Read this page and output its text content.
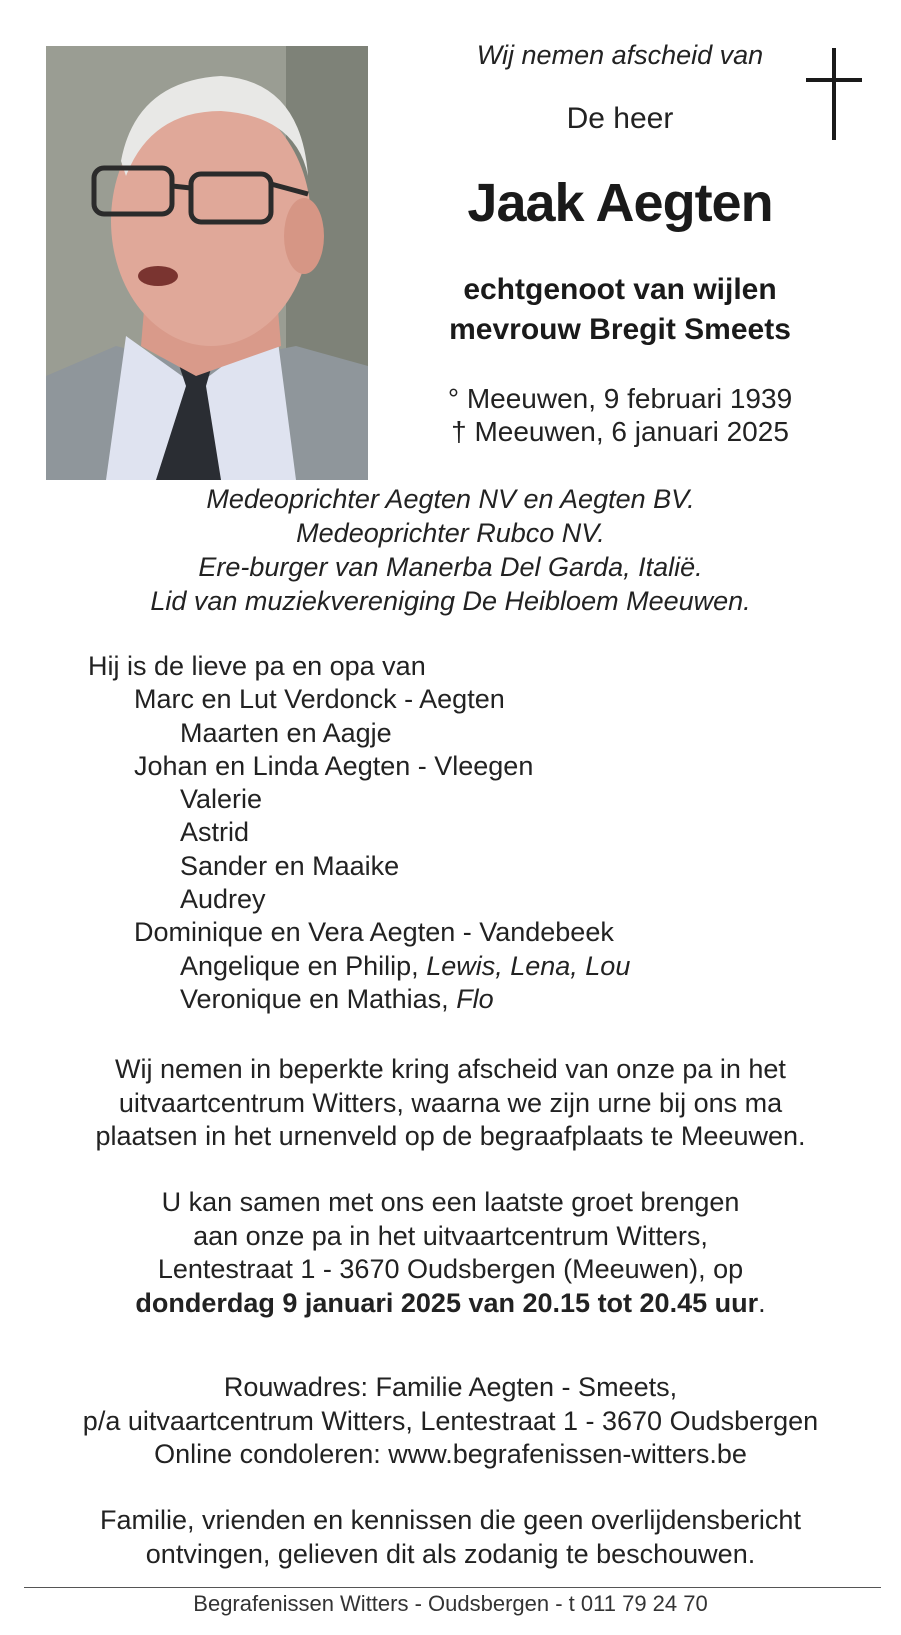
Wij nemen afscheid van
De heer
Jaak Aegten
echtgenoot van wijlen
mevrouw Bregit Smeets
° Meeuwen, 9 februari 1939
† Meeuwen, 6 januari 2025
Medeoprichter Aegten NV en Aegten BV.
Medeoprichter Rubco NV.
Ere-burger van Manerba Del Garda, Italië.
Lid van muziekvereniging De Heibloem Meeuwen.
Hij is de lieve pa en opa van
Marc en Lut Verdonck - Aegten
Maarten en Aagje
Johan en Linda Aegten - Vleegen
Valerie
Astrid
Sander en Maaike
Audrey
Dominique en Vera Aegten - Vandebeek
Angelique en Philip, Lewis, Lena, Lou
Veronique en Mathias, Flo
Wij nemen in beperkte kring afscheid van onze pa in het
uitvaartcentrum Witters, waarna we zijn urne bij ons ma
plaatsen in het urnenveld op de begraafplaats te Meeuwen.
U kan samen met ons een laatste groet brengen
aan onze pa in het uitvaartcentrum Witters,
Lentestraat 1 - 3670 Oudsbergen (Meeuwen), op
donderdag 9 januari 2025 van 20.15 tot 20.45 uur.
Rouwadres: Familie Aegten - Smeets,
p/a uitvaartcentrum Witters, Lentestraat 1 - 3670 Oudsbergen
Online condoleren: www.begrafenissen-witters.be
Familie, vrienden en kennissen die geen overlijdensbericht
ontvingen, gelieven dit als zodanig te beschouwen.
Begrafenissen Witters - Oudsbergen - t 011 79 24 70
